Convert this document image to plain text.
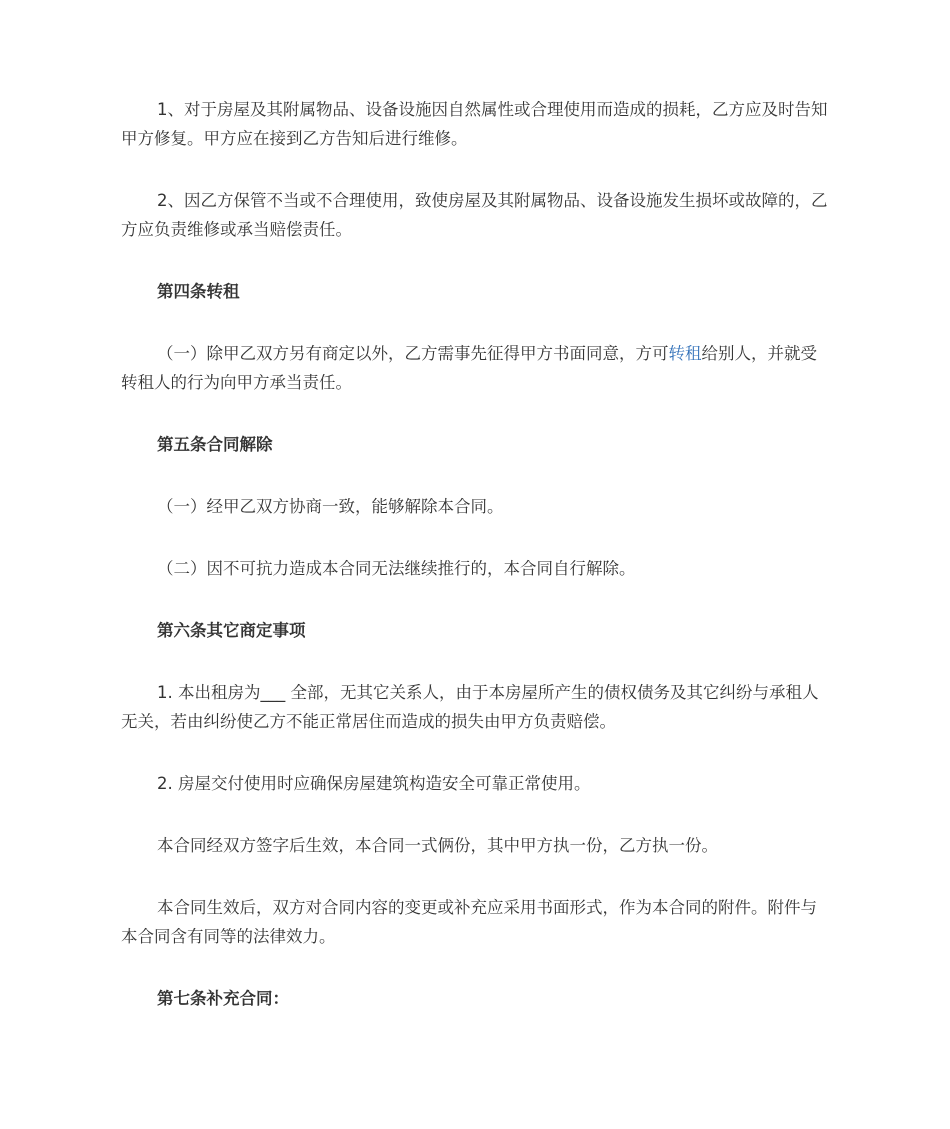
1、对于房屋及其附属物品、设备设施因自然属性或合理使用而造成的损耗，乙方应及时告知甲方修复。甲方应在接到乙方告知后进行维修。

2、因乙方保管不当或不合理使用，致使房屋及其附属物品、设备设施发生损坏或故障的，乙方应负责维修或承当赔偿责任。

第四条转租

（一）除甲乙双方另有商定以外，乙方需事先征得甲方书面同意，方可转租给别人，并就受转租人的行为向甲方承当责任。

第五条合同解除

（一）经甲乙双方协商一致，能够解除本合同。

（二）因不可抗力造成本合同无法继续推行的，本合同自行解除。

第六条其它商定事项

1. 本出租房为___ 全部，无其它关系人，由于本房屋所产生的债权债务及其它纠纷与承租人无关，若由纠纷使乙方不能正常居住而造成的损失由甲方负责赔偿。

2. 房屋交付使用时应确保房屋建筑构造安全可靠正常使用。

本合同经双方签字后生效，本合同一式俩份，其中甲方执一份，乙方执一份。

本合同生效后，双方对合同内容的变更或补充应采用书面形式，作为本合同的附件。附件与本合同含有同等的法律效力。

第七条补充合同：
